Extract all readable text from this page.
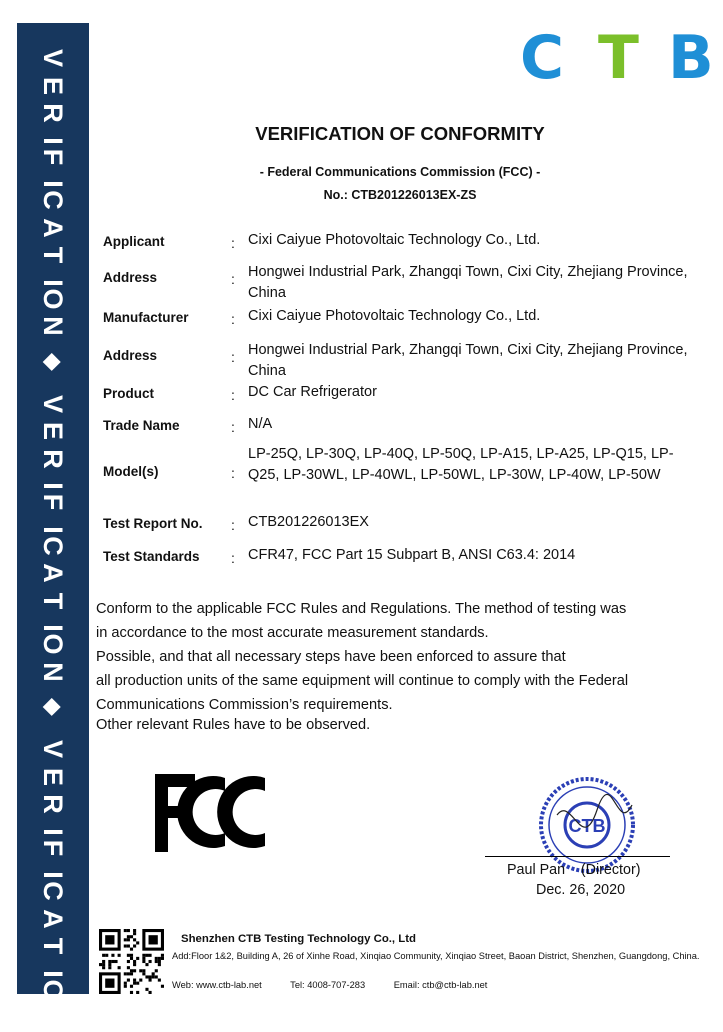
V
E
R
I
F
I
C
A
T
I
O
N
◆
V
E
R
I
F
I
C
A
T
I
O
N
◆
V
E
R
I
F
I
C
A
T
I
O
N
C T B
VERIFICATION OF CONFORMITY
- Federal Communications Commission (FCC) -
No.: CTB201226013EX-ZS
Applicant	: Cixi Caiyue Photovoltaic Technology Co., Ltd.
Address	: Hongwei Industrial Park, Zhangqi Town, Cixi City, Zhejiang Province, China
Manufacturer	: Cixi Caiyue Photovoltaic Technology Co., Ltd.
Address	: Hongwei Industrial Park, Zhangqi Town, Cixi City, Zhejiang Province, China
Product	: DC Car Refrigerator
Trade Name	: N/A
Model(s)	:
LP-25Q, LP-30Q, LP-40Q, LP-50Q, LP-A15, LP-A25, LP-Q15, LP-Q25, LP-30WL, LP-40WL, LP-50WL, LP-30W, LP-40W, LP-50W
Test Report No. : CTB201226013EX
Test Standards : CFR47, FCC Part 15 Subpart B, ANSI C63.4: 2014
Conform to the applicable FCC Rules and Regulations. The method of testing was
in accordance to the most accurate measurement standards.
Possible, and that all necessary steps have been enforced to assure that
all production units of the same equipment will continue to comply with the Federal Communications Commission’s requirements.
Other relevant Rules have to be observed.
CTB
Paul Pan    (Director)
Dec. 26, 2020
Shenzhen CTB Testing Technology Co., Ltd
Add:Floor 1&2, Building A, 26 of Xinhe Road, Xinqiao Community, Xinqiao Street, Baoan District, Shenzhen, Guangdong, China.
Web: www.ctb-lab.net	Tel: 4008-707-283	Email: ctb@ctb-lab.net
